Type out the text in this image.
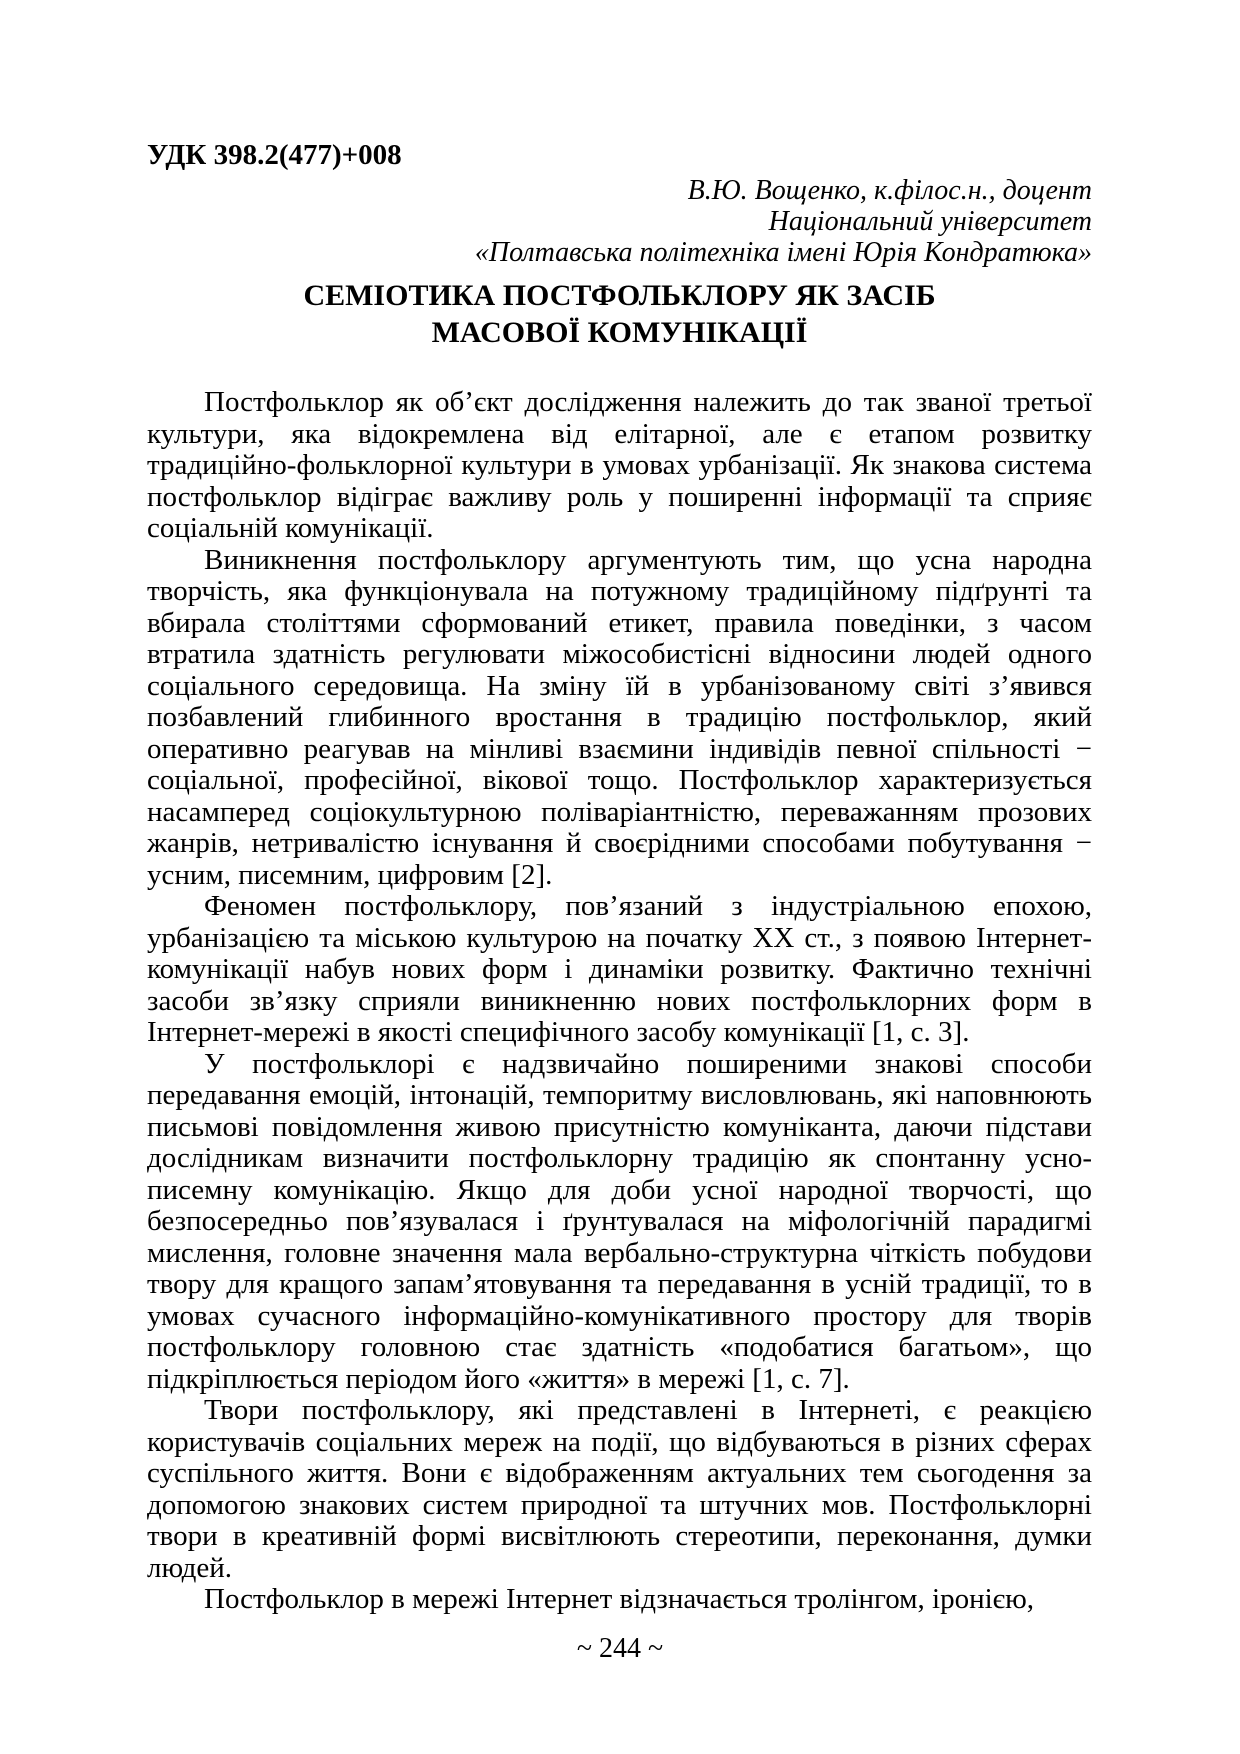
УДК 398.2(477)+008

В.Ю. Вощенко, к.філос.н., доцент

Національний університет

«Полтавська політехніка імені Юрія Кондратюка»

СЕМІОТИКА ПОСТФОЛЬКЛОРУ ЯК ЗАСІБ
МАСОВОЇ КОМУНІКАЦІЇ

Постфольклор як об’єкт дослідження належить до так званої третьої культури, яка відокремлена від елітарної, але є етапом розвитку традиційно-фольклорної культури в умовах урбанізації. Як знакова система постфольклор відіграє важливу роль у поширенні інформації та сприяє соціальній комунікації.

Виникнення постфольклору аргументують тим, що усна народна творчість, яка функціонувала на потужному традиційному підґрунті та вбирала століттями сформований етикет, правила поведінки, з часом втратила здатність регулювати міжособистісні відносини людей одного соціального середовища. На зміну їй в урбанізованому світі з’явився позбавлений глибинного вростання в традицію постфольклор, який оперативно реагував на мінливі взаємини індивідів певної спільності − соціальної, професійної, вікової тощо. Постфольклор характеризується насамперед соціокультурною поліваріантністю, переважанням прозових жанрів, нетривалістю існування й своєрідними способами побутування − усним, писемним, цифровим [2].

Феномен постфольклору, пов’язаний з індустріальною епохою, урбанізацією та міською культурою на початку ХХ ст., з появою Інтернет-комунікації набув нових форм і динаміки розвитку. Фактично технічні засоби зв’язку сприяли виникненню нових постфольклорних форм в Інтернет-мережі в якості специфічного засобу комунікації [1, с. 3].

У постфольклорі є надзвичайно поширеними знакові способи передавання емоцій, інтонацій, темпоритму висловлювань, які наповнюють письмові повідомлення живою присутністю комуніканта, даючи підстави дослідникам визначити постфольклорну традицію як спонтанну усно-писемну комунікацію. Якщо для доби усної народної творчості, що безпосередньо пов’язувалася і ґрунтувалася на міфологічній парадигмі мислення, головне значення мала вербально-структурна чіткість побудови твору для кращого запам’ятовування та передавання в усній традиції, то в умовах сучасного інформаційно-комунікативного простору для творів постфольклору головною стає здатність «подобатися багатьом», що підкріплюється періодом його «життя» в мережі [1, с. 7].

Твори постфольклору, які представлені в Інтернеті, є реакцією користувачів соціальних мереж на події, що відбуваються в різних сферах суспільного життя. Вони є відображенням актуальних тем сьогодення за допомогою знакових систем природної та штучних мов. Постфольклорні твори в креативній формі висвітлюють стереотипи, переконання, думки людей.

Постфольклор в мережі Інтернет відзначається тролінгом, іронією,

~ 244 ~
